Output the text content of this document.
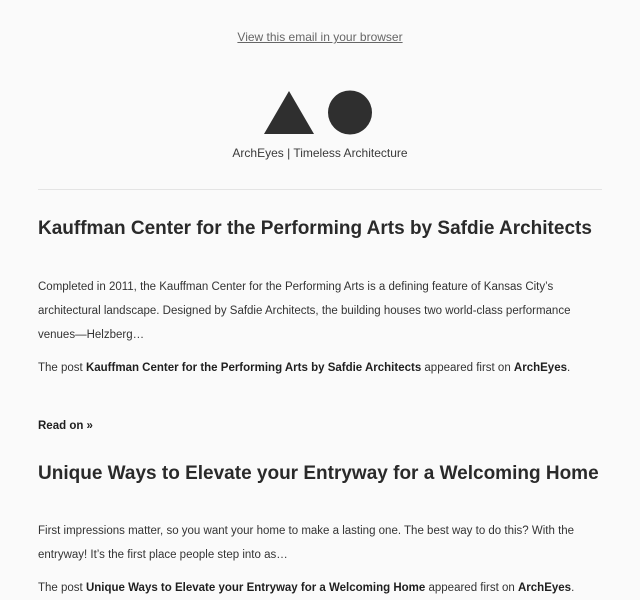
View this email in your browser
ArchEyes | Timeless Architecture
Kauffman Center for the Performing Arts by Safdie Architects

Completed in 2011, the Kauffman Center for the Performing Arts is a defining feature of Kansas City’s architectural landscape. Designed by Safdie Architects, the building houses two world-class performance venues—Helzberg…

The post Kauffman Center for the Performing Arts by Safdie Architects appeared first on ArchEyes.

Read on »
Unique Ways to Elevate your Entryway for a Welcoming Home

First impressions matter, so you want your home to make a lasting one. The best way to do this? With the entryway! It’s the first place people step into as…

The post Unique Ways to Elevate your Entryway for a Welcoming Home appeared first on ArchEyes.
